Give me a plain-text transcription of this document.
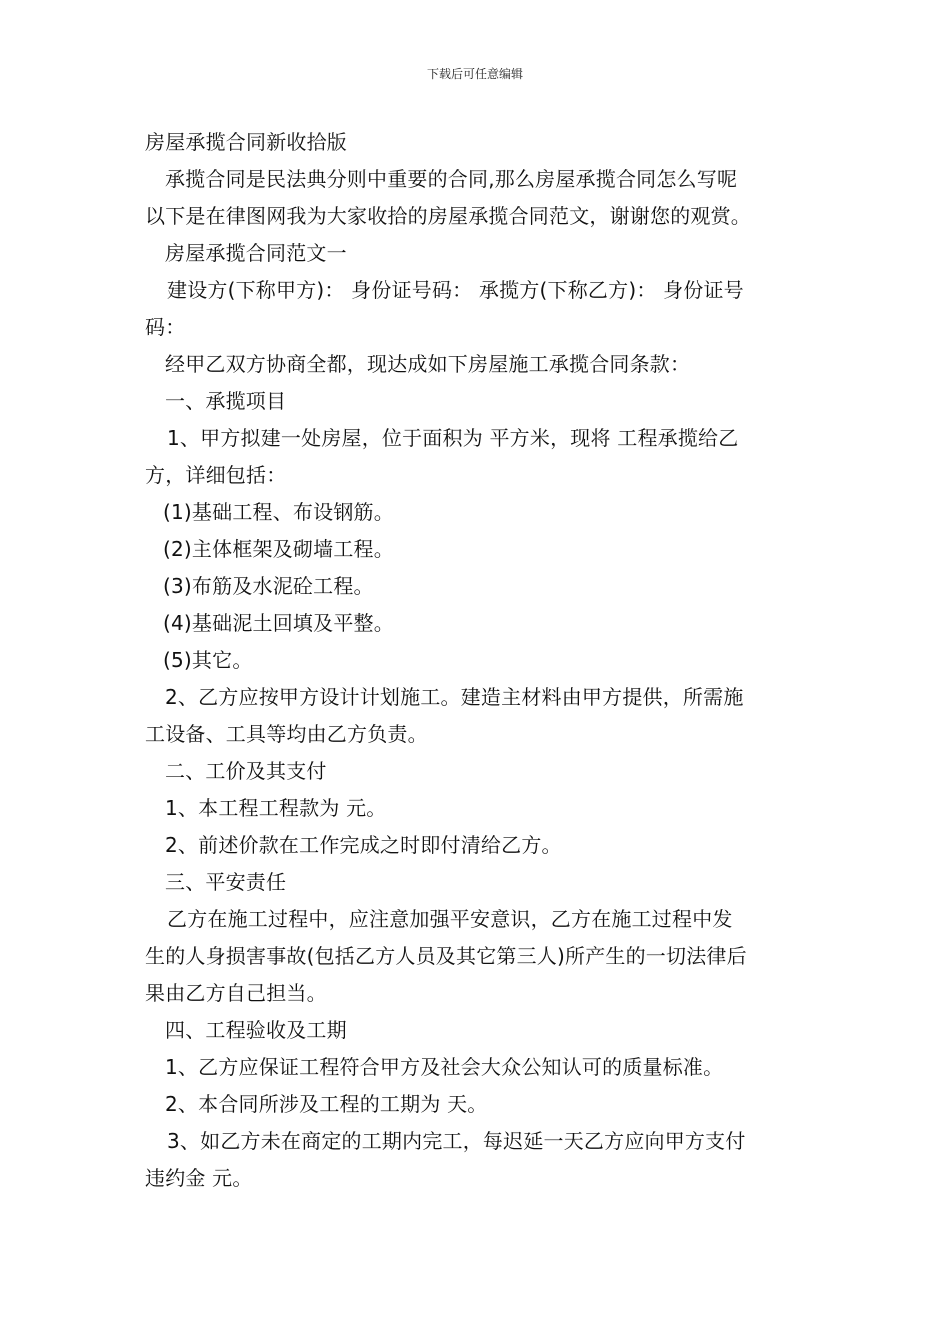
下载后可任意编辑
房屋承揽合同新收拾版
承揽合同是民法典分则中重要的合同,那么房屋承揽合同怎么写呢
以下是在律图网我为大家收拾的房屋承揽合同范文，谢谢您的观赏。
房屋承揽合同范文一
建设方(下称甲方)： 身份证号码： 承揽方(下称乙方)： 身份证号
码：
经甲乙双方协商全都，现达成如下房屋施工承揽合同条款：
一、承揽项目
1、甲方拟建一处房屋，位于面积为 平方米，现将 工程承揽给乙
方，详细包括：
(1)基础工程、布设钢筋。
(2)主体框架及砌墙工程。
(3)布筋及水泥砼工程。
(4)基础泥土回填及平整。
(5)其它。
2、乙方应按甲方设计计划施工。建造主材料由甲方提供，所需施
工设备、工具等均由乙方负责。
二、工价及其支付
1、本工程工程款为 元。
2、前述价款在工作完成之时即付清给乙方。
三、平安责任
乙方在施工过程中，应注意加强平安意识，乙方在施工过程中发
生的人身损害事故(包括乙方人员及其它第三人)所产生的一切法律后
果由乙方自己担当。
四、工程验收及工期
1、乙方应保证工程符合甲方及社会大众公知认可的质量标准。
2、本合同所涉及工程的工期为 天。
3、如乙方未在商定的工期内完工，每迟延一天乙方应向甲方支付
违约金 元。
